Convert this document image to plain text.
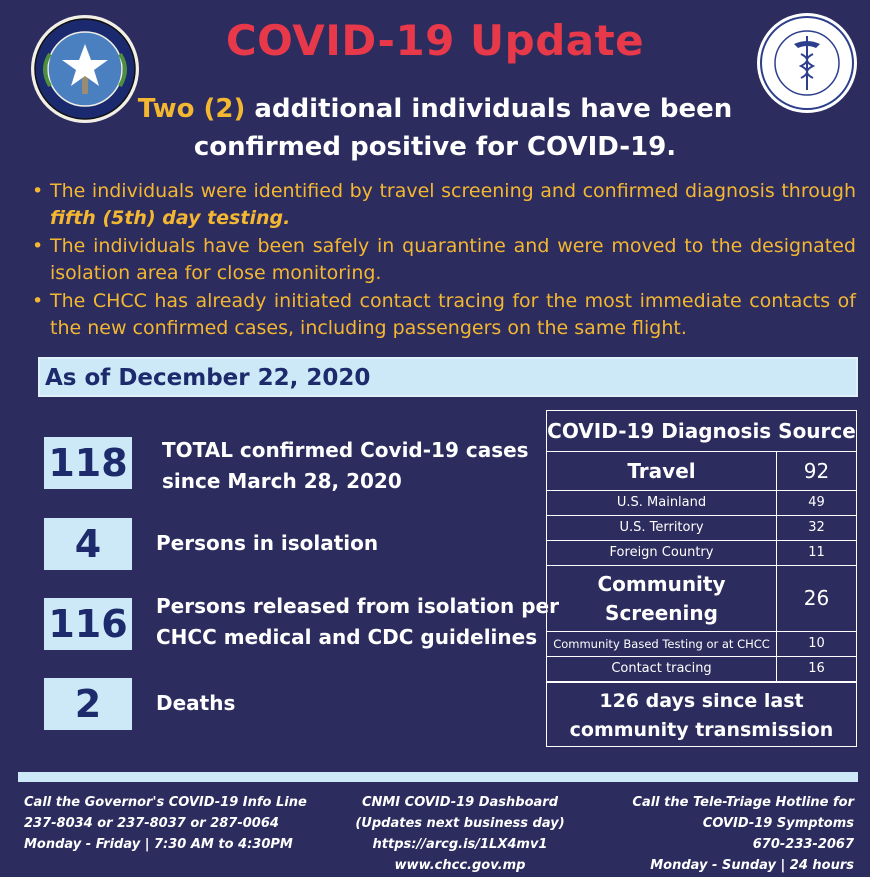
COVID-19 Update
Two (2) additional individuals have been confirmed positive for COVID-19.
• The individuals were identified by travel screening and confirmed diagnosis through fifth (5th) day testing.
• The individuals have been safely in quarantine and were moved to the designated isolation area for close monitoring.
• The CHCC has already initiated contact tracing for the most immediate contacts of the new confirmed cases, including passengers on the same flight.
As of December 22, 2020
118 TOTAL confirmed Covid-19 cases
since March 28, 2020
4	Persons in isolation
116 Persons released from isolation per
CHCC medical and CDC guidelines
2	Deaths
COVID-19 Diagnosis Source
Travel	92
U.S. Mainland	49
U.S. Territory	32
Foreign Country	11
Community
Screening
26
Community Based Testing or at CHCC	10
Contact tracing	16
126 days since last
community transmission
Call the Governor's COVID-19 Info Line
237-8034 or 237-8037 or 287-0064
Monday - Friday | 7:30 AM to 4:30PM
CNMI COVID-19 Dashboard
(Updates next business day)
https://arcg.is/1LX4mv1
www.chcc.gov.mp
Call the Tele-Triage Hotline for
COVID-19 Symptoms
670-233-2067
Monday - Sunday | 24 hours
